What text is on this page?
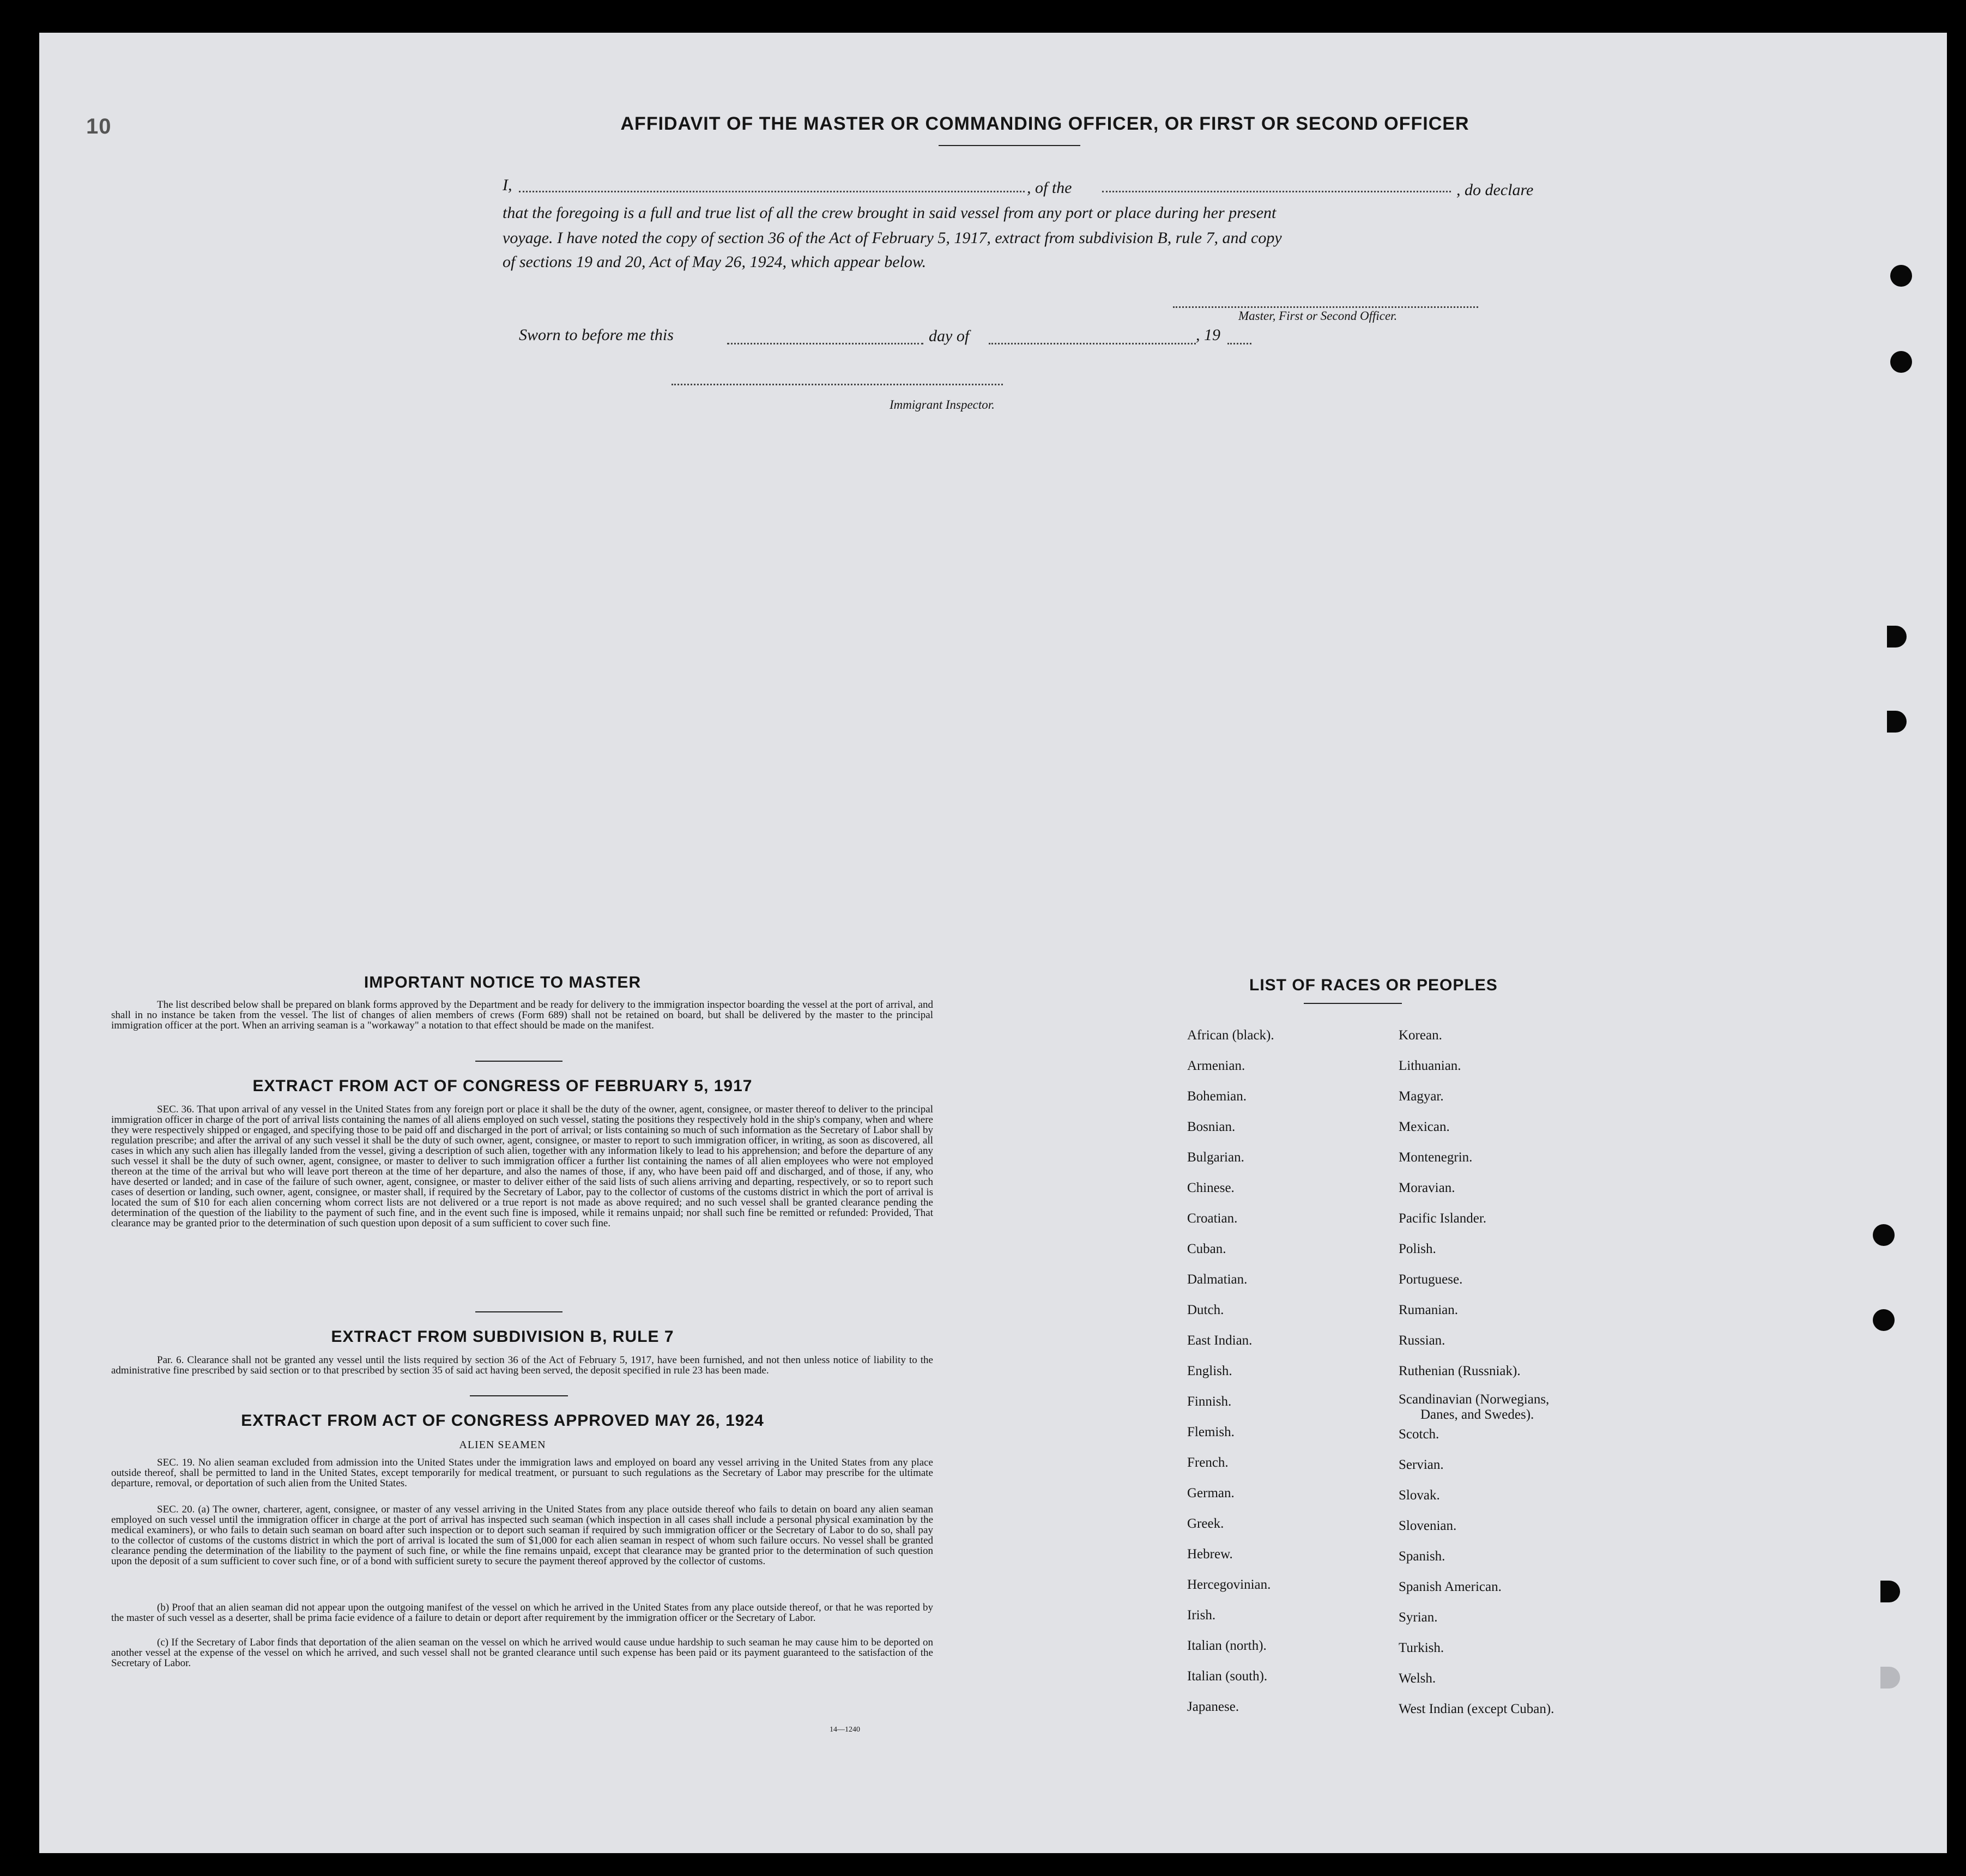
10	AFFIDAVIT OF THE MASTER OR COMMANDING OFFICER, OR FIRST OR SECOND OFFICER
I,	, of the	, do declare
that the foregoing is a full and true list of all the crew brought in said vessel from any port or place during her present
voyage. I have noted the copy of section 36 of the Act of February 5, 1917, extract from subdivision B, rule 7, and copy
of sections 19 and 20, Act of May 26, 1924, which appear below.
Master, First or Second Officer.
Sworn to before me this	day of	, 19
Immigrant Inspector.
IMPORTANT NOTICE TO MASTER
The list described below shall be prepared on blank forms approved by the Department and be ready for delivery to the immigration inspector boarding the vessel at the port of arrival, and shall in no instance be taken from the vessel. The list of changes of alien members of crews (Form 689) shall not be retained on board, but shall be delivered by the master to the principal immigration officer at the port. When an arriving seaman is a "workaway" a notation to that effect should be made on the manifest.
EXTRACT FROM ACT OF CONGRESS OF FEBRUARY 5, 1917
SEC. 36. That upon arrival of any vessel in the United States from any foreign port or place it shall be the duty of the owner, agent, consignee, or master thereof to deliver to the principal immigration officer in charge of the port of arrival lists containing the names of all aliens employed on such vessel, stating the positions they respectively hold in the ship's company, when and where they were respectively shipped or engaged, and specifying those to be paid off and discharged in the port of arrival; or lists containing so much of such information as the Secretary of Labor shall by regulation prescribe; and after the arrival of any such vessel it shall be the duty of such owner, agent, consignee, or master to report to such immigration officer, in writing, as soon as discovered, all cases in which any such alien has illegally landed from the vessel, giving a description of such alien, together with any information likely to lead to his apprehension; and before the departure of any such vessel it shall be the duty of such owner, agent, consignee, or master to deliver to such immigration officer a further list containing the names of all alien employees who were not employed thereon at the time of the arrival but who will leave port thereon at the time of her departure, and also the names of those, if any, who have been paid off and discharged, and of those, if any, who have deserted or landed; and in case of the failure of such owner, agent, consignee, or master to deliver either of the said lists of such aliens arriving and departing, respectively, or so to report such cases of desertion or landing, such owner, agent, consignee, or master shall, if required by the Secretary of Labor, pay to the collector of customs of the customs district in which the port of arrival is located the sum of $10 for each alien concerning whom correct lists are not delivered or a true report is not made as above required; and no such vessel shall be granted clearance pending the determination of the question of the liability to the payment of such fine, and in the event such fine is imposed, while it remains unpaid; nor shall such fine be remitted or refunded: Provided, That clearance may be granted prior to the determination of such question upon deposit of a sum sufficient to cover such fine.
EXTRACT FROM SUBDIVISION B, RULE 7
Par. 6. Clearance shall not be granted any vessel until the lists required by section 36 of the Act of February 5, 1917, have been furnished, and not then unless notice of liability to the administrative fine prescribed by said section or to that prescribed by section 35 of said act having been served, the deposit specified in rule 23 has been made.
EXTRACT FROM ACT OF CONGRESS APPROVED MAY 26, 1924
ALIEN SEAMEN
SEC. 19. No alien seaman excluded from admission into the United States under the immigration laws and employed on board any vessel arriving in the United States from any place outside thereof, shall be permitted to land in the United States, except temporarily for medical treatment, or pursuant to such regulations as the Secretary of Labor may prescribe for the ultimate departure, removal, or deportation of such alien from the United States.
SEC. 20. (a) The owner, charterer, agent, consignee, or master of any vessel arriving in the United States from any place outside thereof who fails to detain on board any alien seaman employed on such vessel until the immigration officer in charge at the port of arrival has inspected such seaman (which inspection in all cases shall include a personal physical examination by the medical examiners), or who fails to detain such seaman on board after such inspection or to deport such seaman if required by such immigration officer or the Secretary of Labor to do so, shall pay to the collector of customs of the customs district in which the port of arrival is located the sum of $1,000 for each alien seaman in respect of whom such failure occurs. No vessel shall be granted clearance pending the determination of the liability to the payment of such fine, or while the fine remains unpaid, except that clearance may be granted prior to the determination of such question upon the deposit of a sum sufficient to cover such fine, or of a bond with sufficient surety to secure the payment thereof approved by the collector of customs.
(b) Proof that an alien seaman did not appear upon the outgoing manifest of the vessel on which he arrived in the United States from any place outside thereof, or that he was reported by the master of such vessel as a deserter, shall be prima facie evidence of a failure to detain or deport after requirement by the immigration officer or the Secretary of Labor.
(c) If the Secretary of Labor finds that deportation of the alien seaman on the vessel on which he arrived would cause undue hardship to such seaman he may cause him to be deported on another vessel at the expense of the vessel on which he arrived, and such vessel shall not be granted clearance until such expense has been paid or its payment guaranteed to the satisfaction of the Secretary of Labor.
14—1240
LIST OF RACES OR PEOPLES
African (black).
Armenian.
Bohemian.
Bosnian.
Bulgarian.
Chinese.
Croatian.
Cuban.
Dalmatian.
Dutch.
East Indian.
English.
Finnish.
Flemish.
French.
German.
Greek.
Hebrew.
Hercegovinian.
Irish.
Italian (north).
Italian (south).
Japanese.
Korean.
Lithuanian.
Magyar.
Mexican.
Montenegrin.
Moravian.
Pacific Islander.
Polish.
Portuguese.
Rumanian.
Russian.
Ruthenian (Russniak).
Scandinavian (Norwegians,
Danes, and Swedes).
Scotch.
Servian.
Slovak.
Slovenian.
Spanish.
Spanish American.
Syrian.
Turkish.
Welsh.
West Indian (except Cuban).
